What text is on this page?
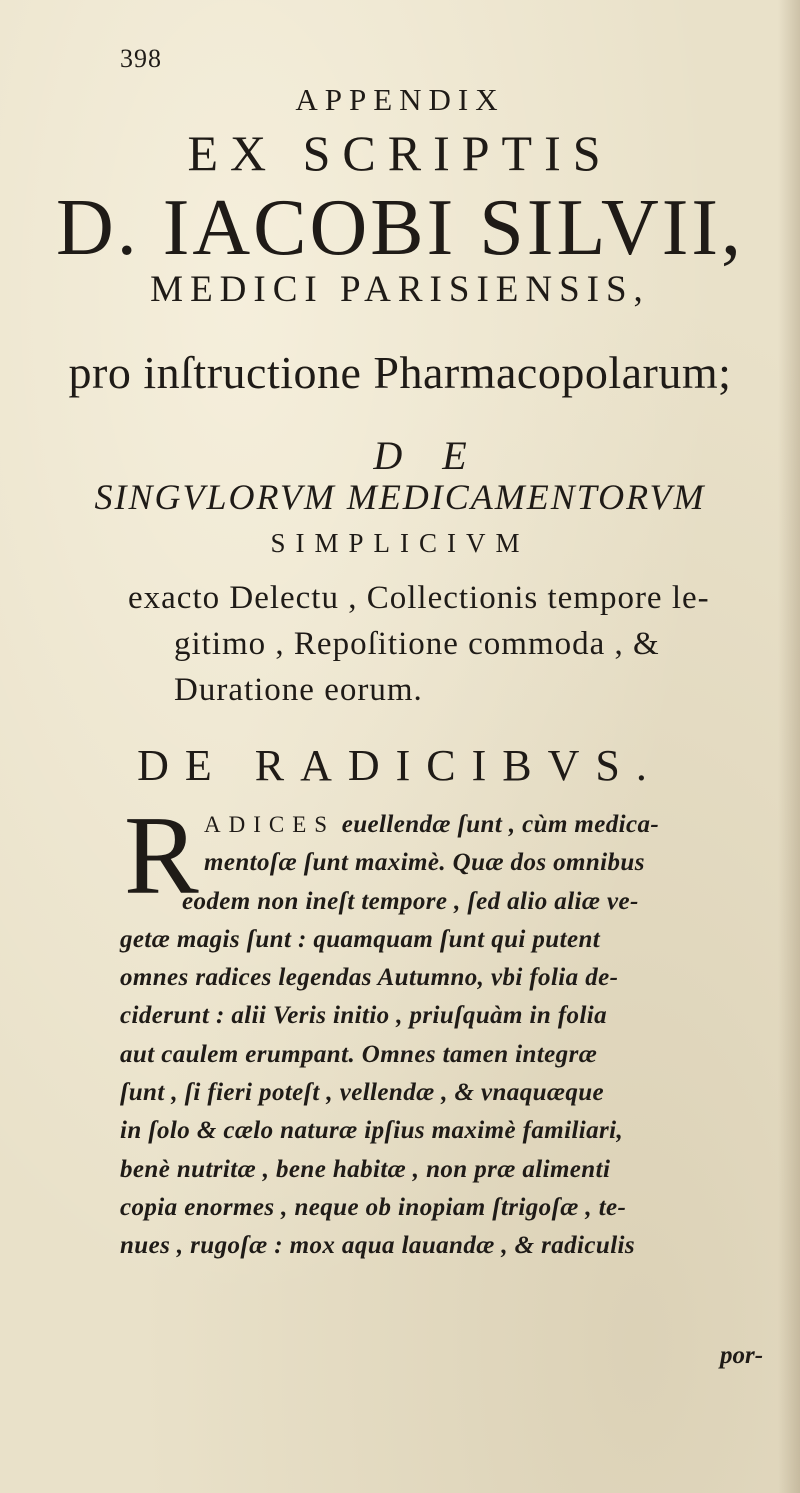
398
APPENDIX
EX SCRIPTIS
D. IACOBI SILVII,
MEDICI PARISIENSIS,
pro inſtructione Pharmacopolarum;
DE
SINGVLORVM MEDICAMENTORVM
SIMPLICIVM
exacto Delectu , Collectionis tempore le-
gitimo , Repoſitione commoda , &
Duratione eorum.
DE RADICIBVS.
R ADICES euellendæ ſunt , cùm medica-
mentoſæ ſunt maximè. Quæ dos omnibus
eodem non ineſt tempore , ſed alio aliæ ve-
getæ magis ſunt : quamquam ſunt qui putent
omnes radices legendas Autumno, vbi folia de-
ciderunt : alii Veris initio , priuſquàm in folia
aut caulem erumpant. Omnes tamen integræ
ſunt , ſi fieri poteſt , vellendæ , & vnaquæque
in ſolo & cælo naturæ ipſius maximè familiari,
benè nutritæ , bene habitæ , non præ alimenti
copia enormes , neque ob inopiam ſtrigoſæ , te-
nues , rugoſæ : mox aqua lauandæ , & radiculis
por-
